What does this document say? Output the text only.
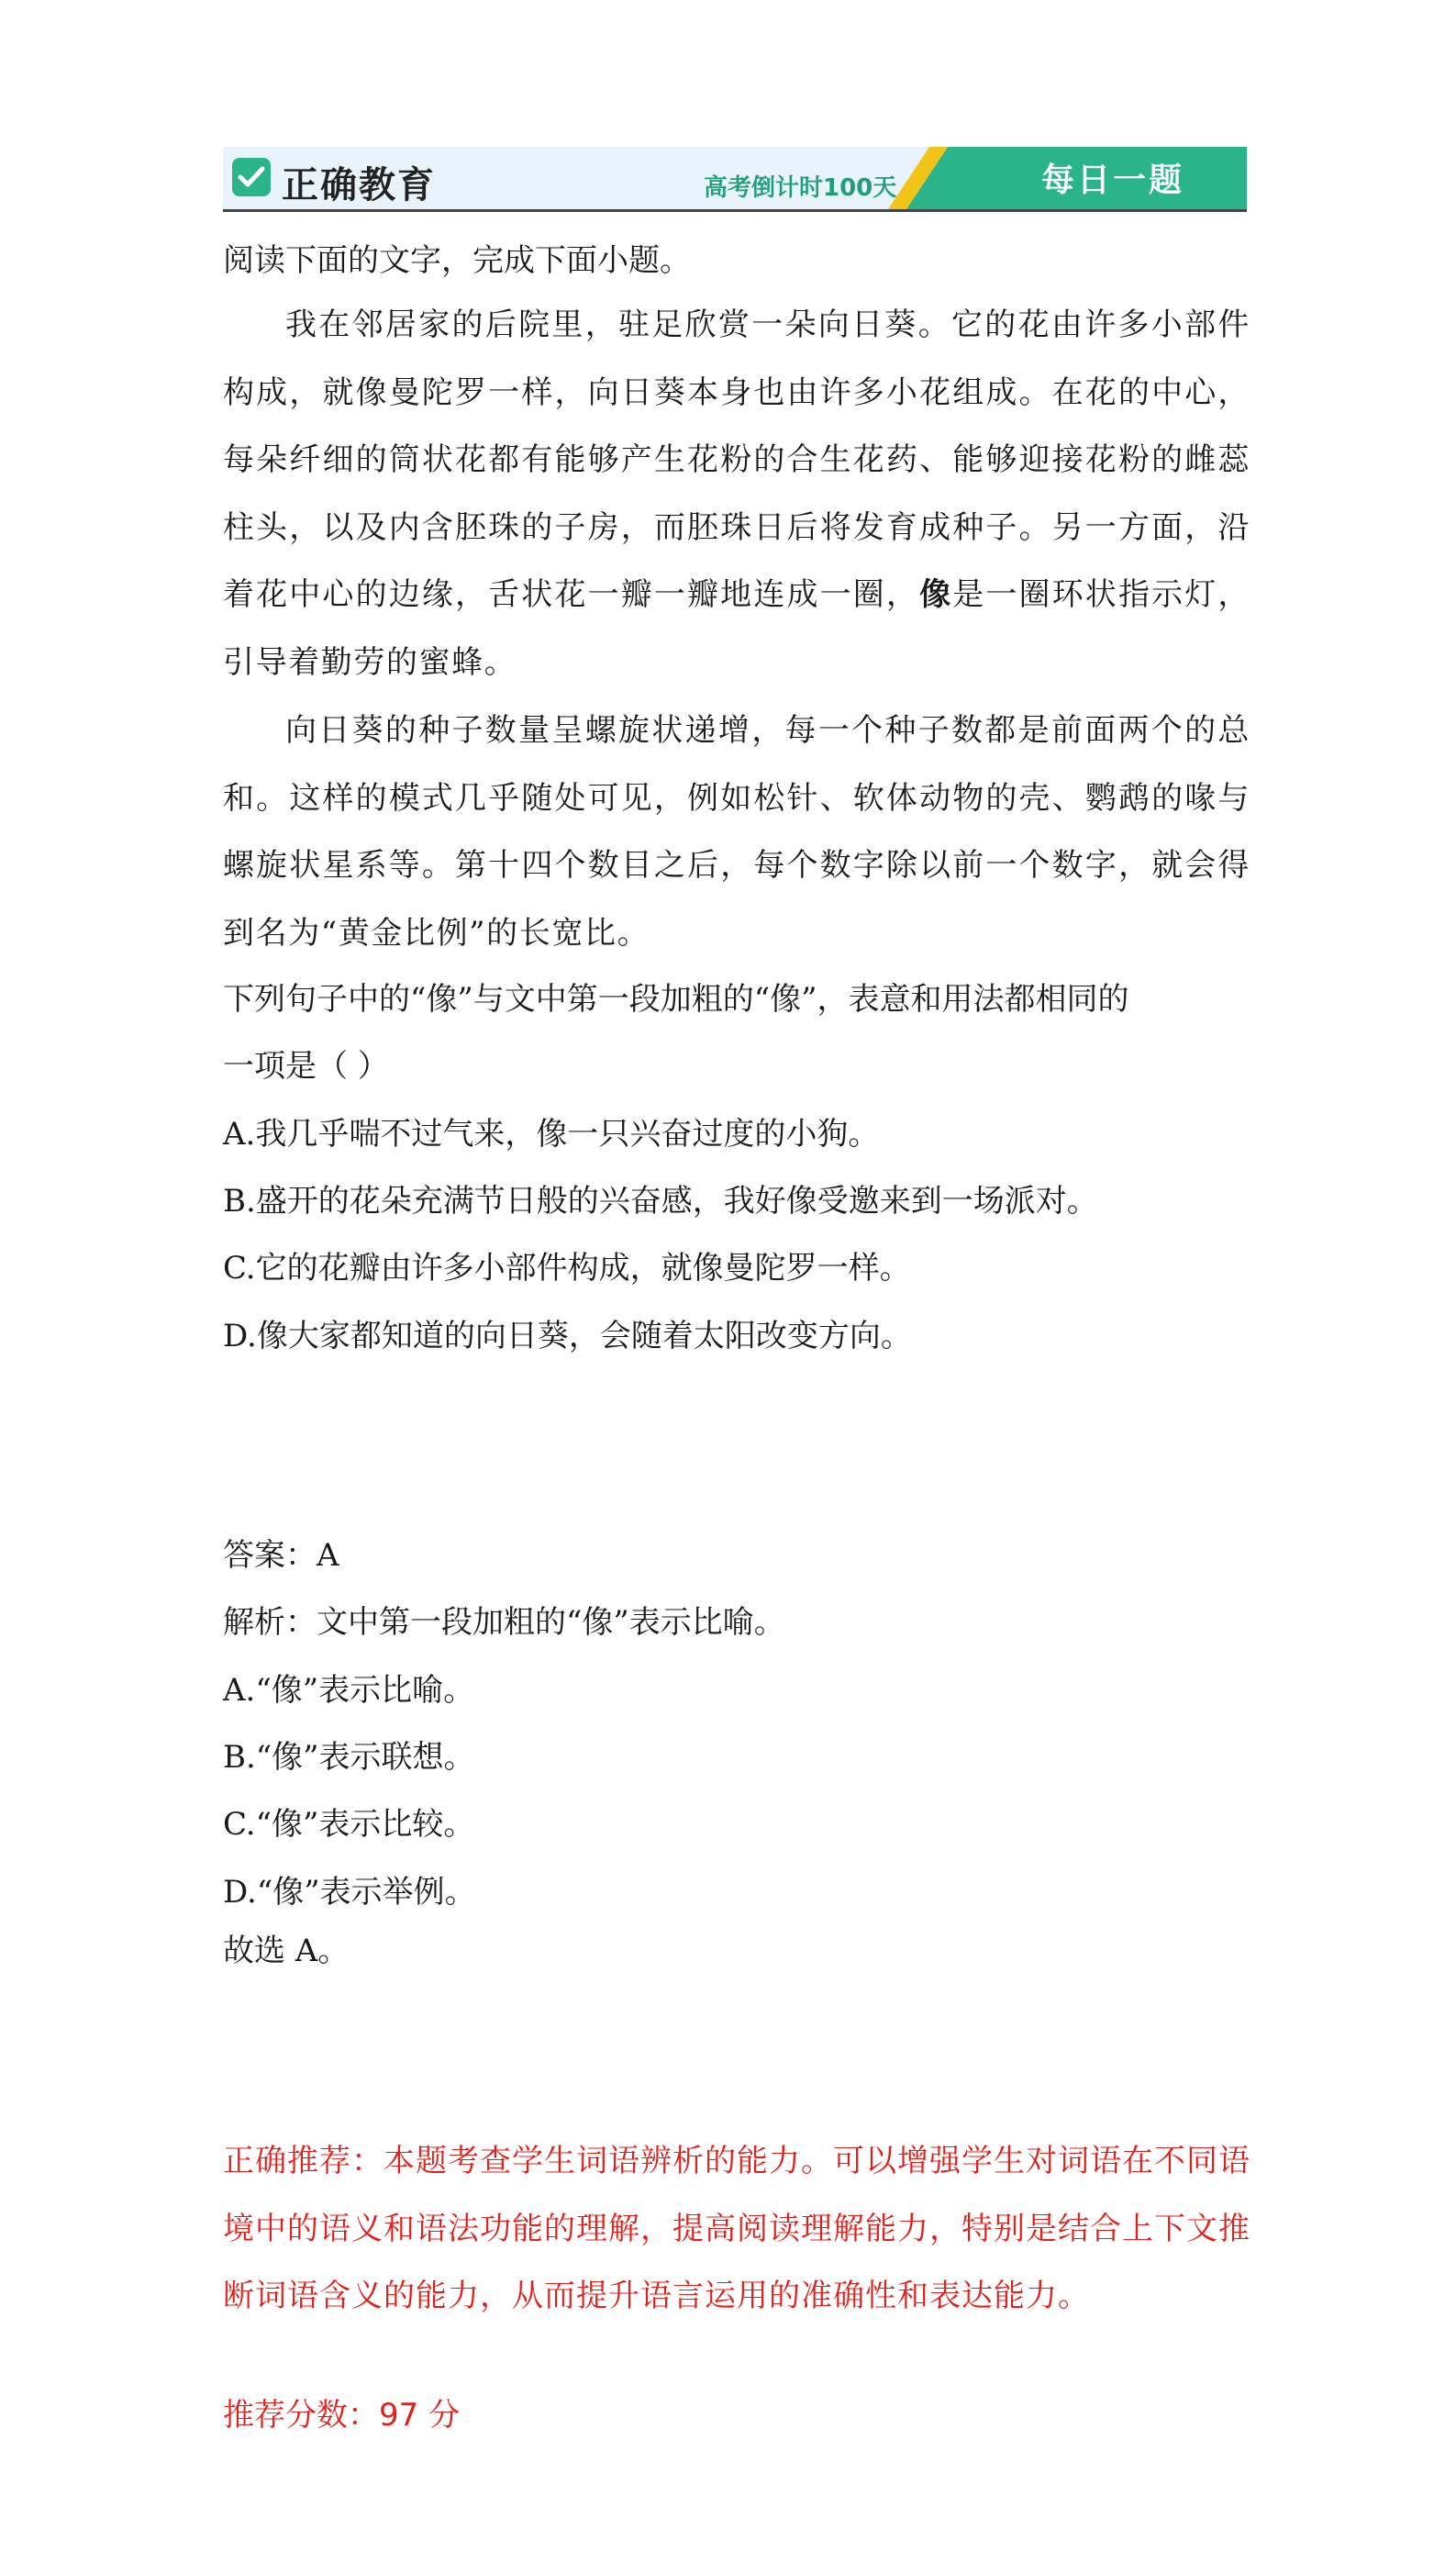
正确教育	高考倒计时100天	每日一题
阅读下面的文字，完成下面小题。
我在邻居家的后院里，驻足欣赏一朵向日葵。它的花由许多小部件构成，就像曼陀罗一样，向日葵本身也由许多小花组成。在花的中心，每朵纤细的筒状花都有能够产生花粉的合生花药、能够迎接花粉的雌蕊柱头，以及内含胚珠的子房，而胚珠日后将发育成种子。另一方面，沿着花中心的边缘，舌状花一瓣一瓣地连成一圈，像是一圈环状指示灯，引导着勤劳的蜜蜂。
向日葵的种子数量呈螺旋状递增，每一个种子数都是前面两个的总和。这样的模式几乎随处可见，例如松针、软体动物的壳、鹦鹉的喙与螺旋状星系等。第十四个数目之后，每个数字除以前一个数字，就会得到名为“黄金比例”的长宽比。
下列句子中的“像”与文中第一段加粗的“像”，表意和用法都相同的
一项是（ ）
A.我几乎喘不过气来，像一只兴奋过度的小狗。
B.盛开的花朵充满节日般的兴奋感，我好像受邀来到一场派对。
C.它的花瓣由许多小部件构成，就像曼陀罗一样。
D.像大家都知道的向日葵，会随着太阳改变方向。
答案：A
解析：文中第一段加粗的“像”表示比喻。
A.“像”表示比喻。
B.“像”表示联想。
C.“像”表示比较。
D.“像”表示举例。
故选 A。
正确推荐：本题考查学生词语辨析的能力。可以增强学生对词语在不同语境中的语义和语法功能的理解，提高阅读理解能力，特别是结合上下文推断词语含义的能力，从而提升语言运用的准确性和表达能力。
推荐分数：97 分
